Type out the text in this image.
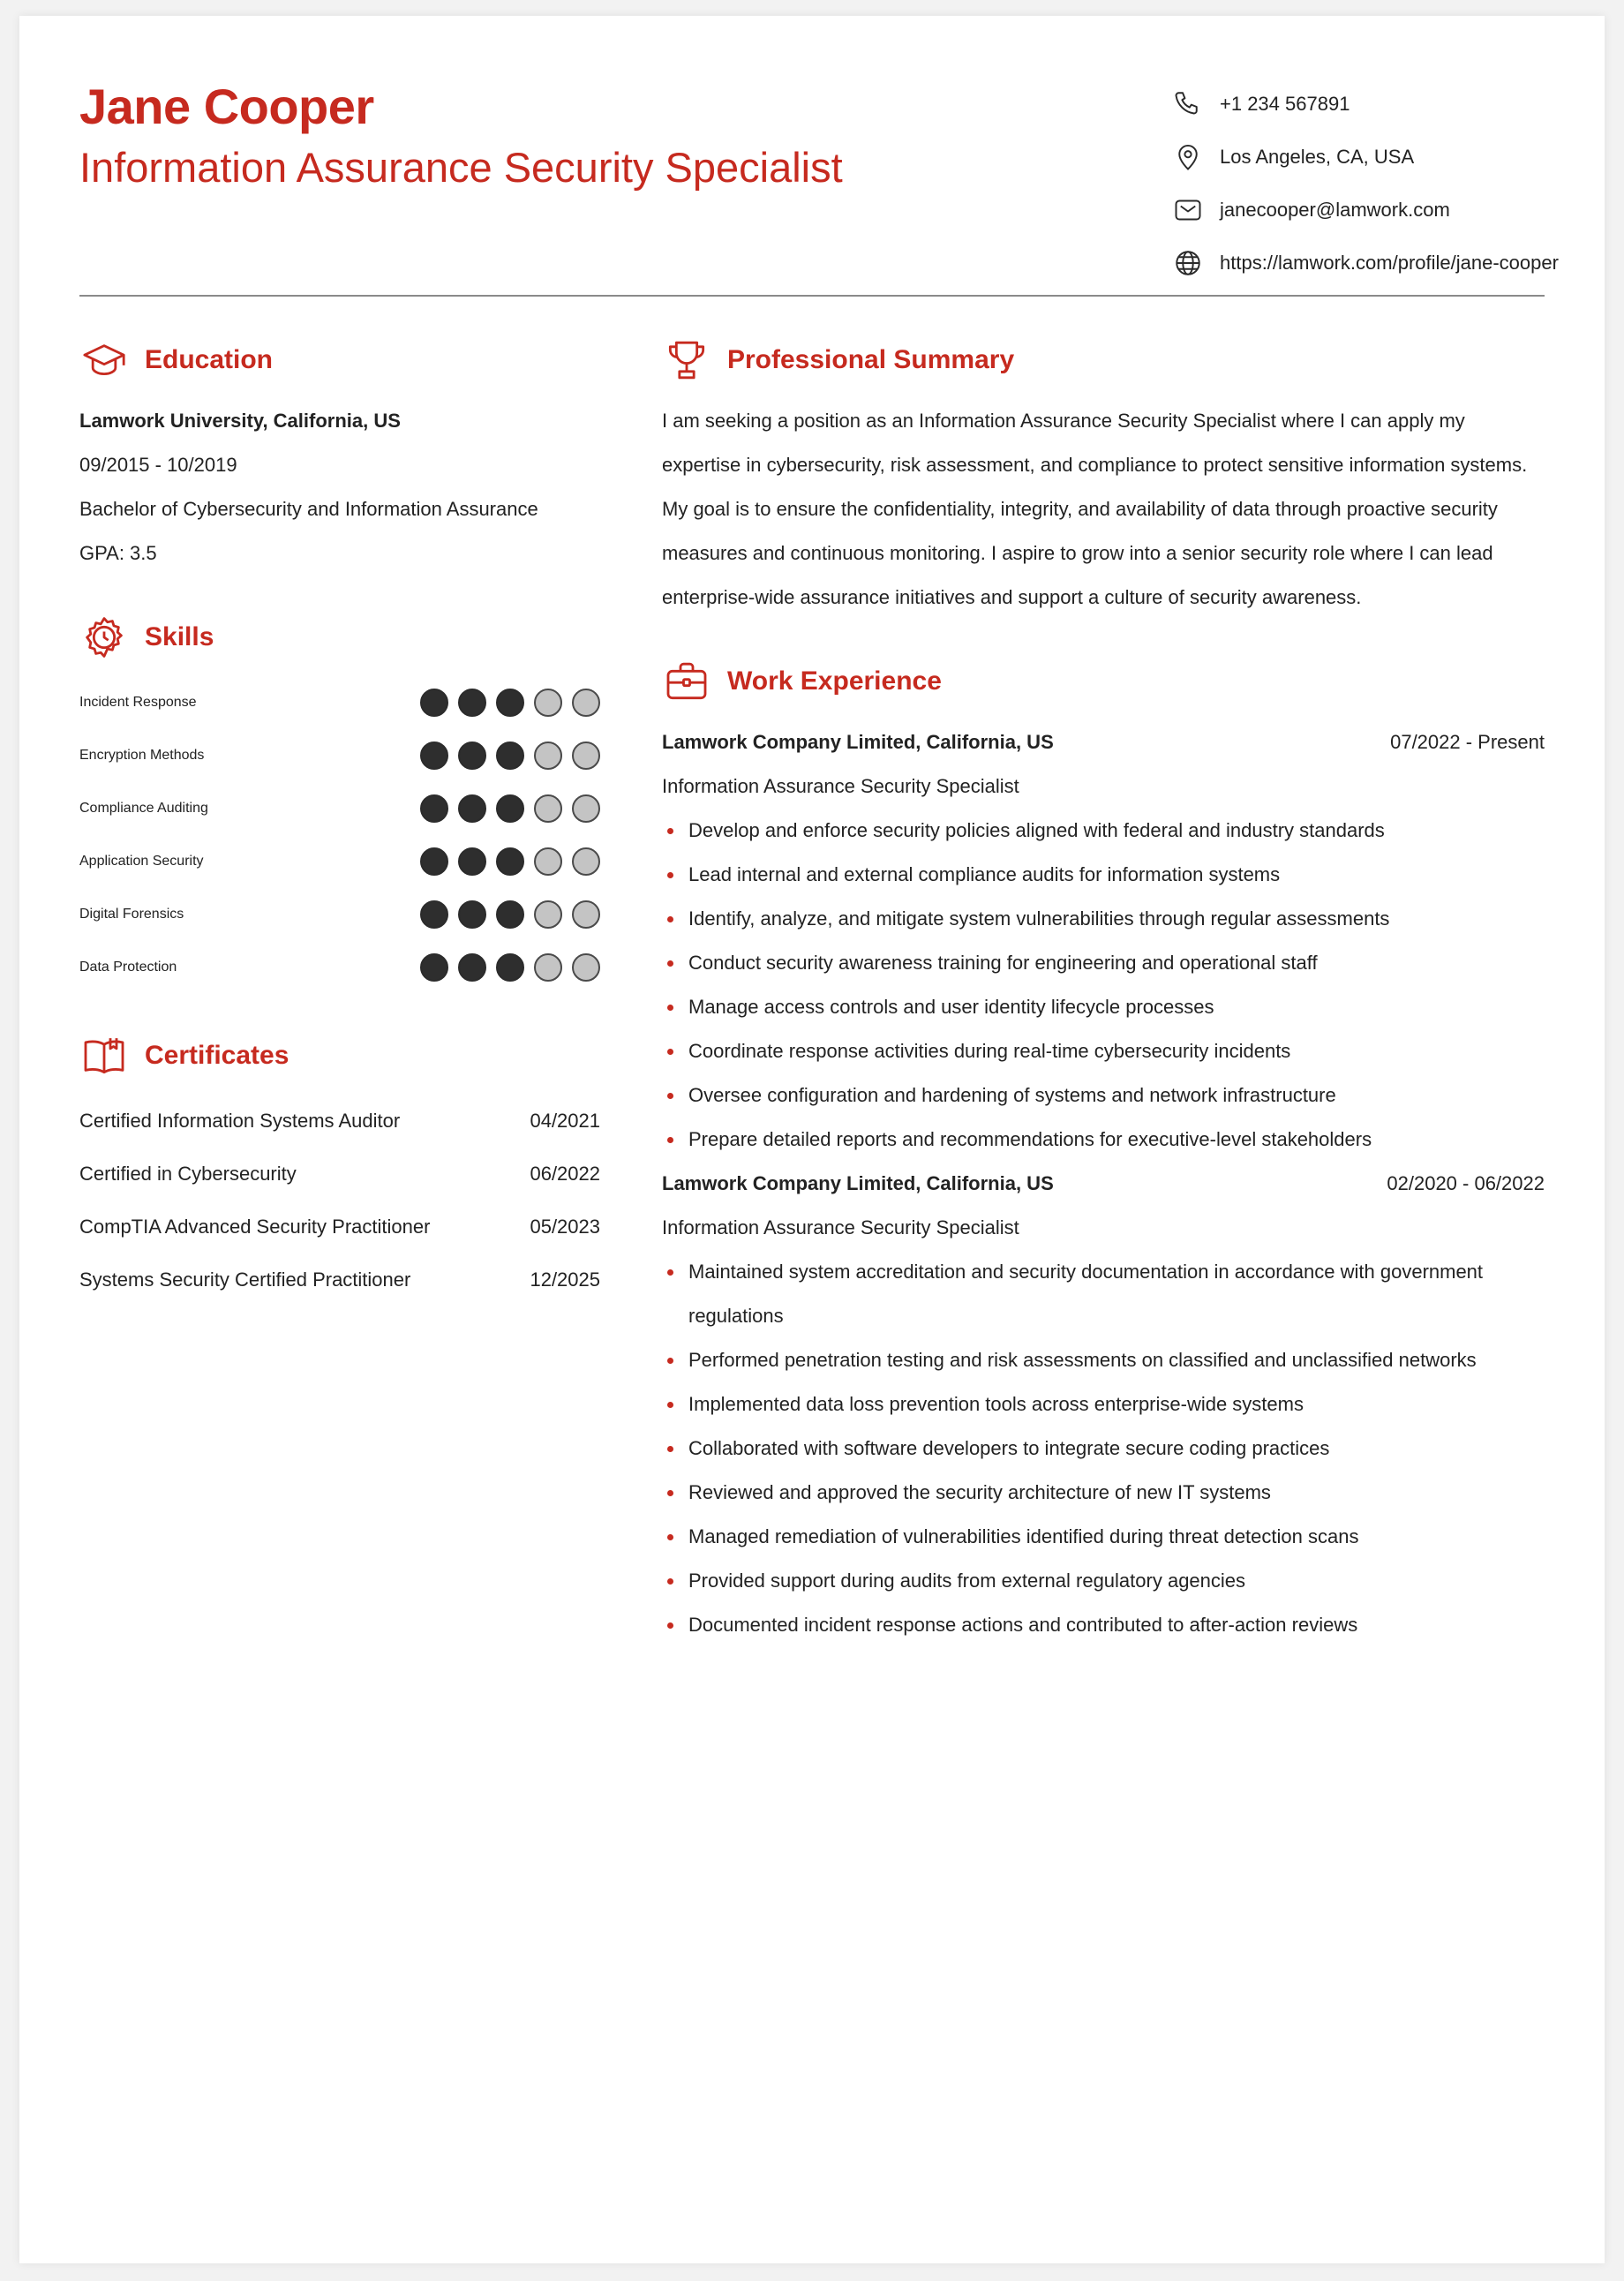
Jane Cooper
Information Assurance Security Specialist
+1 234 567891
Los Angeles, CA, USA
janecooper@lamwork.com
https://lamwork.com/profile/jane-cooper
Education
Lamwork University, California, US
09/2015 - 10/2019
Bachelor of Cybersecurity and Information Assurance
GPA: 3.5
Skills
Incident Response
Encryption Methods
Compliance Auditing
Application Security
Digital Forensics
Data Protection
Certificates
Certified Information Systems Auditor	04/2021
Certified in Cybersecurity	06/2022
CompTIA Advanced Security Practitioner	05/2023
Systems Security Certified Practitioner	12/2025
Professional Summary

I am seeking a position as an Information Assurance Security Specialist where I can apply my expertise in cybersecurity, risk assessment, and compliance to protect sensitive information systems. My goal is to ensure the confidentiality, integrity, and availability of data through proactive security measures and continuous monitoring. I aspire to grow into a senior security role where I can lead enterprise-wide assurance initiatives and support a culture of security awareness.

Work Experience
Lamwork Company Limited, California, US	07/2022 - Present
Information Assurance Security Specialist
Develop and enforce security policies aligned with federal and industry standards
Lead internal and external compliance audits for information systems
Identify, analyze, and mitigate system vulnerabilities through regular assessments
Conduct security awareness training for engineering and operational staff
Manage access controls and user identity lifecycle processes
Coordinate response activities during real-time cybersecurity incidents
Oversee configuration and hardening of systems and network infrastructure
Prepare detailed reports and recommendations for executive-level stakeholders
Lamwork Company Limited, California, US	02/2020 - 06/2022
Information Assurance Security Specialist
Maintained system accreditation and security documentation in accordance with government regulations
Performed penetration testing and risk assessments on classified and unclassified networks
Implemented data loss prevention tools across enterprise-wide systems
Collaborated with software developers to integrate secure coding practices
Reviewed and approved the security architecture of new IT systems
Managed remediation of vulnerabilities identified during threat detection scans
Provided support during audits from external regulatory agencies
Documented incident response actions and contributed to after-action reviews
